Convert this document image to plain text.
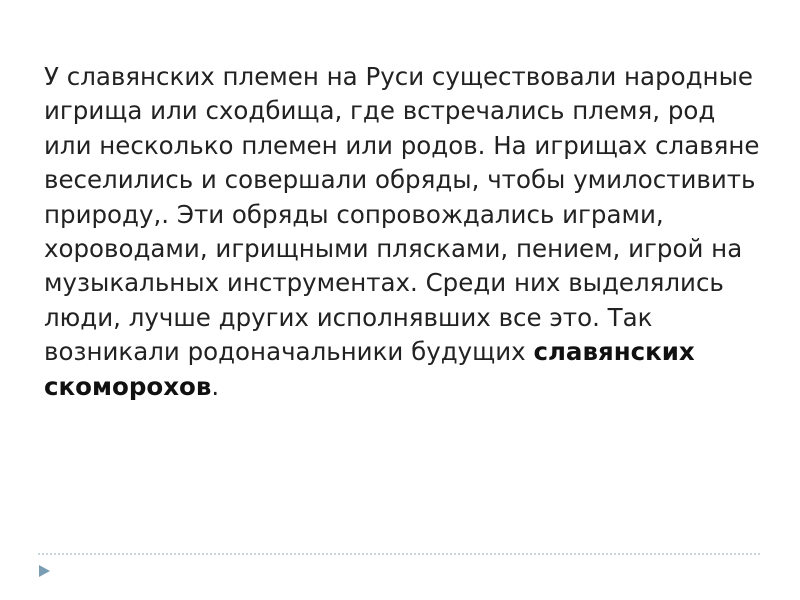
У славянских племен на Руси существовали народные игрища или сходбища, где встречались племя, род или несколько племен или родов. На игрищах славяне веселились и совершали обряды, чтобы умилостивить природу,. Эти обряды сопровождались играми, хороводами, игрищными плясками, пением, игрой на музыкальных инструментах. Среди них выделялись люди, лучше других исполнявших все это. Так возникали родоначальники будущих славянских скоморохов.
